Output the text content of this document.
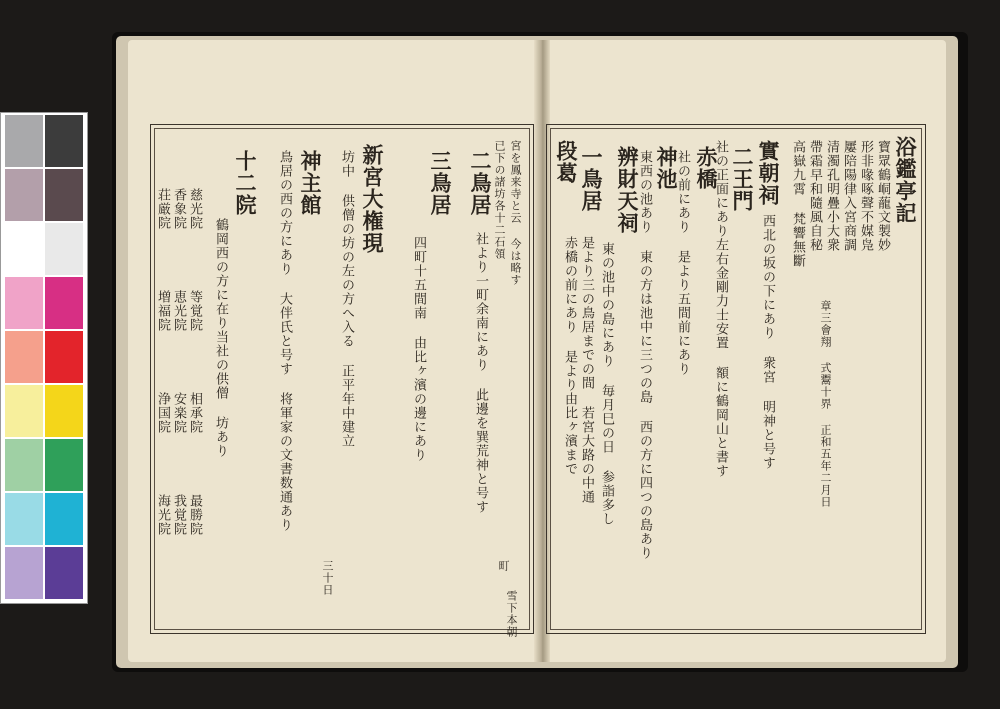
浴鑑亭記
寶眾鶴峒蘢文製妙
形非喙啄聲不媒凫
屢陪陽律入宮商調
清濁孔明疊小大衆
帶霜早和隨風自秘
高嶽九霄 梵響無斷
章三會翔 式鬻十界 正和五年二月日
實朝祠
西北の坂の下にあり 衆宮 明神と号す
二王門
社の正面にあり左右金剛力士安置 額に鶴岡山と書す
赤橋
社の前にあり 是より五間前にあり
神池
東西の池あり 東の方は池中に三つの島 西の方に四つの島あり
辨財天祠
東の池中の島にあり 毎月巳の日 参詣多し
一鳥居
赤橋の前にあり 是より由比ヶ濱まで
段葛
是より三の鳥居までの間 若宮大路の中通
宮を鳳来寺と云 今は略す
已下の諸坊各十二石領
二鳥居
社より一町余南にあり 此邊を巽荒神と号す
三鳥居
四町十五間南 由比ヶ濱の邊にあり
新宮大権現
坊中 供僧の坊の左の方へ入る 正平年中建立
神主館
鳥居の西の方にあり 大伴氏と号す 将軍家の文書数通あり
十二院
鶴岡西の方に在り当社の供僧 坊あり
慈光院
香象院
荘厳院
等覚院
恵光院
増福院
相承院
安楽院
浄国院
最勝院
我覚院
海光院
町
三十日
雪下本朝
